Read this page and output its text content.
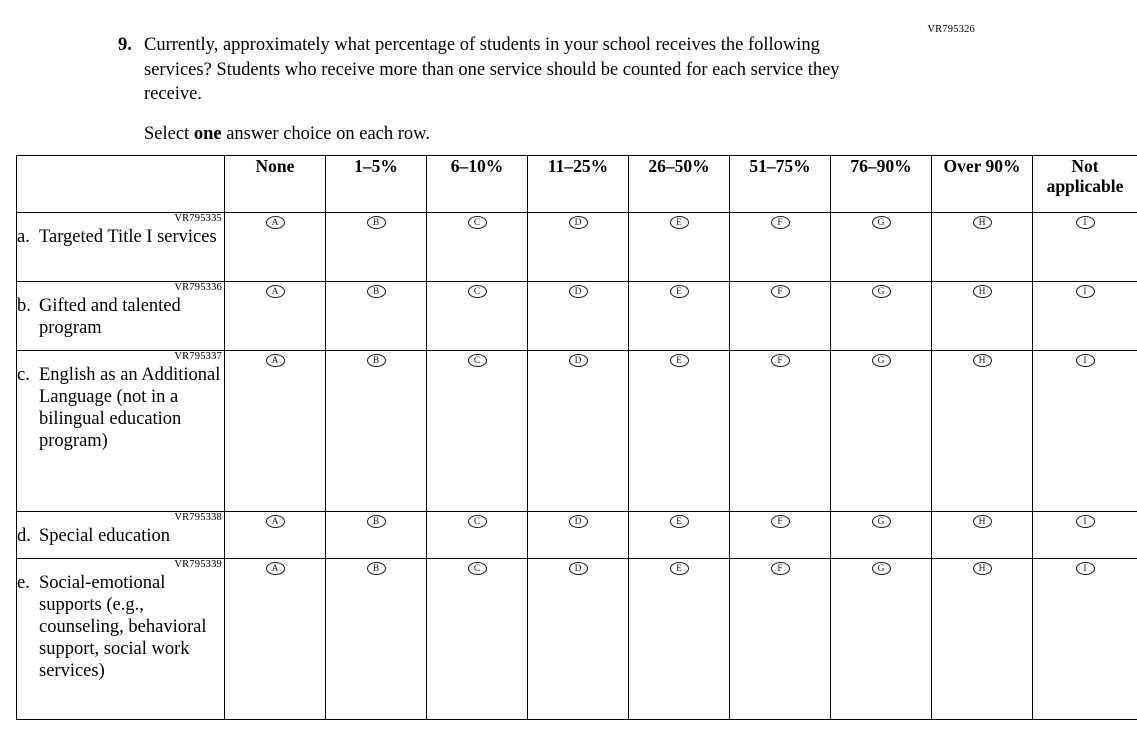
VR795326
9. Currently, approximately what percentage of students in your school receives the following services? Students who receive more than one service should be counted for each service they receive.
Select one answer choice on each row.
	None	1–5%	6–10%	11–25%	26–50%	51–75%	76–90%	Over 90%	Not applicable

VR795335
a. Targeted Title I services	A	B	C	D	E	F	G	H	I

VR795336
b. Gifted and talented program	A	B	C	D	E	F	G	H	I

VR795337
c. English as an Additional Language (not in a bilingual education program)	A	B	C	D	E	F	G	H	I

VR795338
d. Special education	A	B	C	D	E	F	G	H	I

VR795339
e. Social-emotional supports (e.g., counseling, behavioral support, social work services)	A	B	C	D	E	F	G	H	I
